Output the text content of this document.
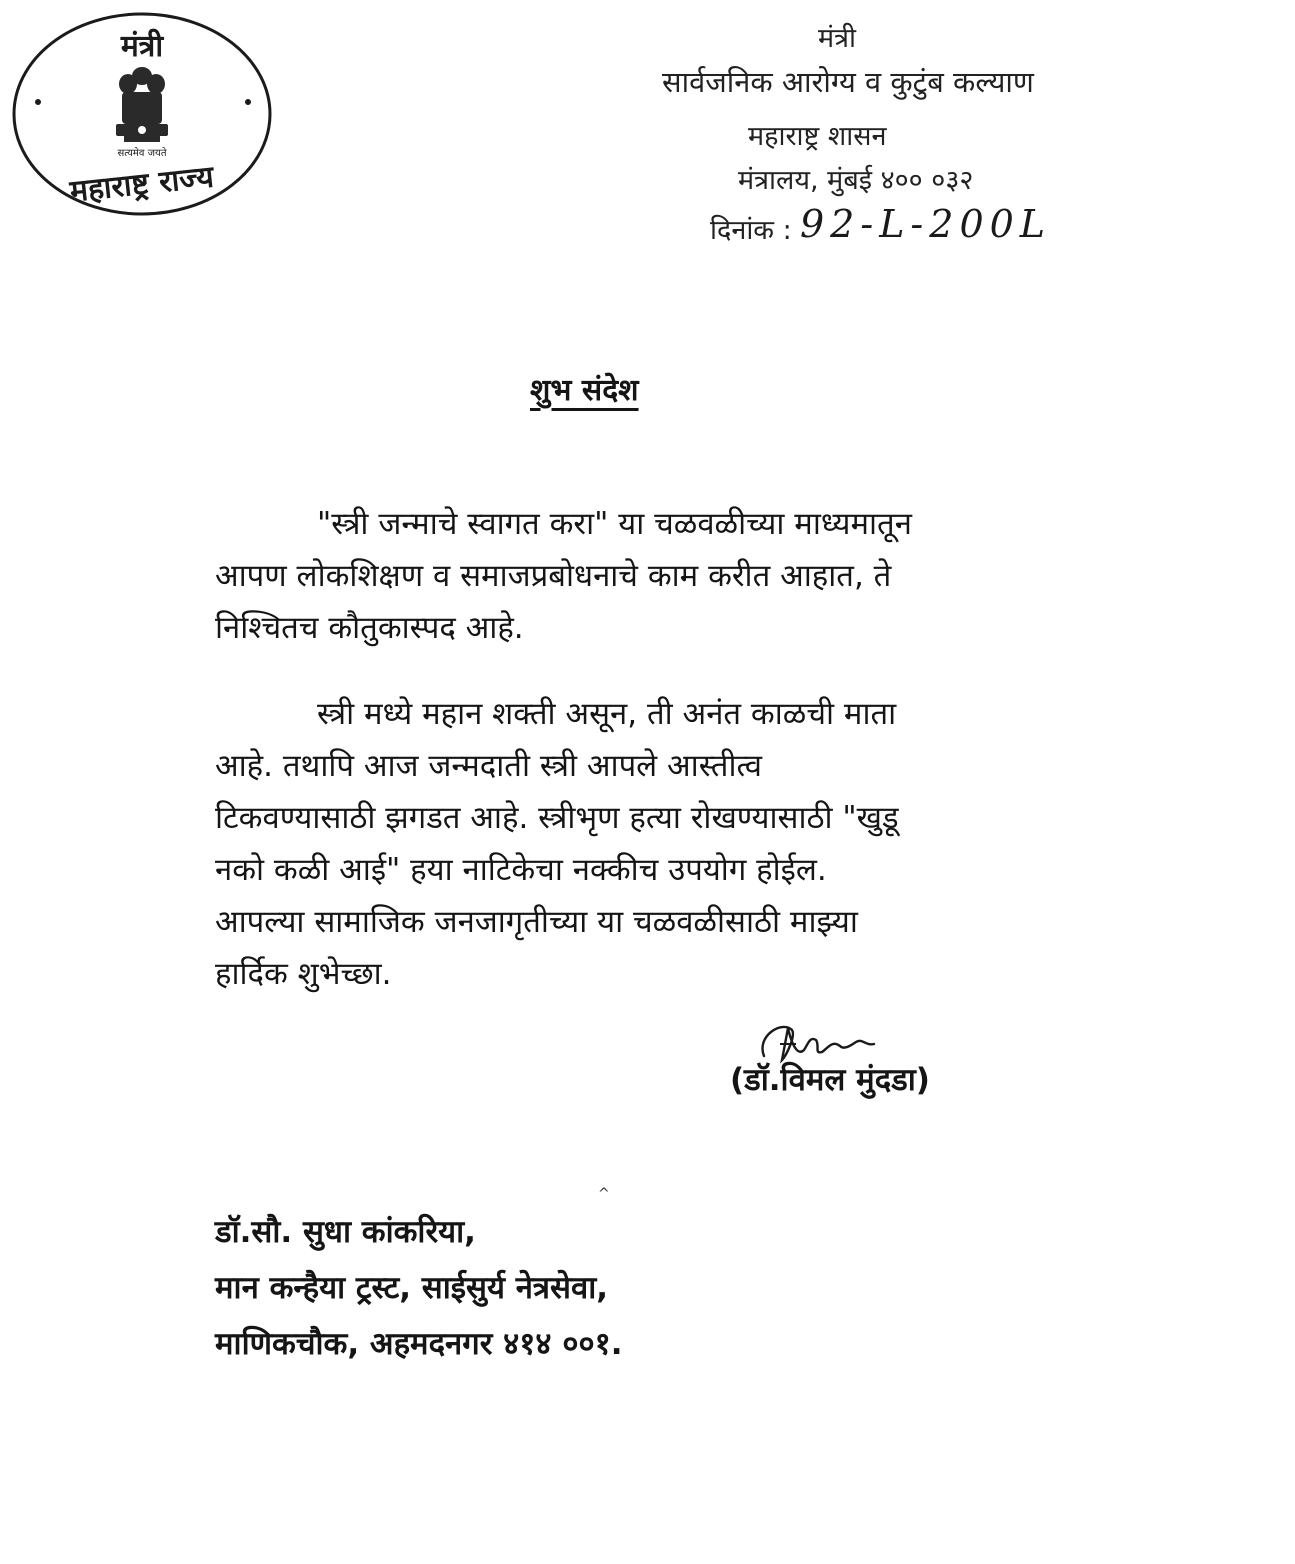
मंत्री
सत्यमेव जयते
महाराष्ट्र राज्य
मंत्री
सार्वजनिक आरोग्य व कुटुंब कल्याण
महाराष्ट्र शासन
मंत्रालय, मुंबई ४०० ०३२
दिनांक : 92-L-200L
शुभ संदेश
"स्त्री जन्माचे स्वागत करा" या चळवळीच्या माध्यमातून
आपण लोकशिक्षण व समाजप्रबोधनाचे काम करीत आहात, ते
निश्चितच कौतुकास्पद आहे.
स्त्री मध्ये महान शक्ती असून, ती अनंत काळची माता
आहे. तथापि आज जन्मदाती स्त्री आपले आस्तीत्व
टिकवण्यासाठी झगडत आहे. स्त्रीभृण हत्या रोखण्यासाठी "खुडू
नको कळी आई" हया नाटिकेचा नक्कीच उपयोग होईल.
आपल्या सामाजिक जनजागृतीच्या या चळवळीसाठी माझ्या
हार्दिक शुभेच्छा.
(डॉ.विमल मुंदडा)
^
डॉ.सौ. सुधा कांकरिया,
मान कन्हैया ट्रस्ट, साईसुर्य नेत्रसेवा,
माणिकचौक, अहमदनगर ४१४ ००१.
